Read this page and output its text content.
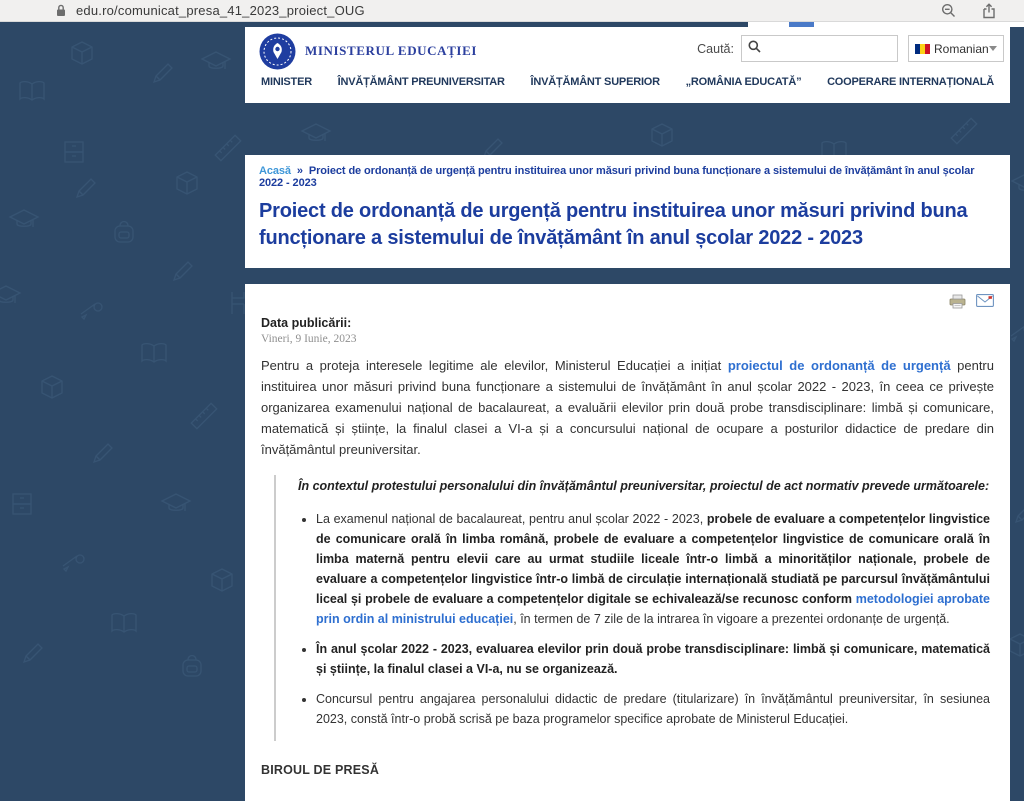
edu.ro/comunicat_presa_41_2023_proiect_OUG
MINISTERUL EDUCAȚIEI	Caută:	Romanian
MINISTER ÎNVĂȚĂMÂNT PREUNIVERSITAR ÎNVĂȚĂMÂNT SUPERIOR „ROMÂNIA EDUCATĂ” COOPERARE INTERNAȚIONALĂ
Acasă » Proiect de ordonanță de urgență pentru instituirea unor măsuri privind buna funcționare a sistemului de învățământ în anul școlar 2022 - 2023
Proiect de ordonanță de urgență pentru instituirea unor măsuri privind buna funcționare a sistemului de învățământ în anul școlar 2022 - 2023
Data publicării:
Vineri, 9 Iunie, 2023

Pentru a proteja interesele legitime ale elevilor, Ministerul Educației a inițiat proiectul de ordonanță de urgență pentru instituirea unor măsuri privind buna funcționare a sistemului de învățământ în anul școlar 2022 - 2023, în ceea ce privește organizarea examenului național de bacalaureat, a evaluării elevilor prin două probe transdisciplinare: limbă și comunicare, matematică și științe, la finalul clasei a VI-a și a concursului național de ocupare a posturilor didactice de predare din învățământul preuniversitar.

În contextul protestului personalului din învățământul preuniversitar, proiectul de act normativ prevede următoarele:

• La examenul național de bacalaureat, pentru anul școlar 2022 - 2023, probele de evaluare a competențelor lingvistice de comunicare orală în limba română, probele de evaluare a competențelor lingvistice de comunicare orală în limba maternă pentru elevii care au urmat studiile liceale într-o limbă a minorităților naționale, probele de evaluare a competențelor lingvistice într-o limbă de circulație internațională studiată pe parcursul învățământului liceal și probele de evaluare a competențelor digitale se echivalează/se recunosc conform metodologiei aprobate prin ordin al ministrului educației, în termen de 7 zile de la intrarea în vigoare a prezentei ordonanțe de urgență.
• În anul școlar 2022 - 2023, evaluarea elevilor prin două probe transdisciplinare: limbă și comunicare, matematică și științe, la finalul clasei a VI-a, nu se organizează.
• Concursul pentru angajarea personalului didactic de predare (titularizare) în învățământul preuniversitar, în sesiunea 2023, constă într-o probă scrisă pe baza programelor specifice aprobate de Ministerul Educației.
BIROUL DE PRESĂ
